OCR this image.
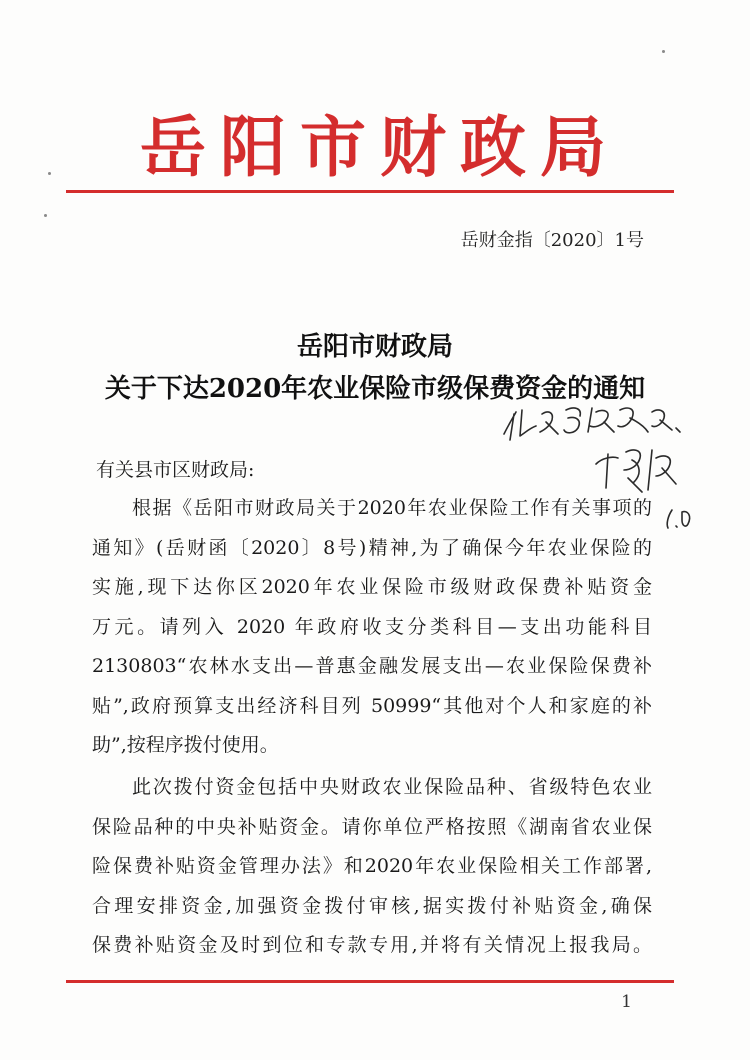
岳阳市财政局
岳财金指〔2020〕1号
岳阳市财政局
关于下达2020年农业保险市级保费资金的通知
有关县市区财政局:
根据《岳阳市财政局关于2020年农业保险工作有关事项的
通知》(岳财函〔2020〕8号)精神,为了确保今年农业保险的
实施,现下达你区2020年农业保险市级财政保费补贴资金
万元。请列入 2020 年政府收支分类科目—支出功能科目
2130803“农林水支出—普惠金融发展支出—农业保险保费补
贴”,政府预算支出经济科目列 50999“其他对个人和家庭的补
助”,按程序拨付使用。
此次拨付资金包括中央财政农业保险品种、省级特色农业
保险品种的中央补贴资金。请你单位严格按照《湖南省农业保
险保费补贴资金管理办法》和2020年农业保险相关工作部署,
合理安排资金,加强资金拨付审核,据实拨付补贴资金,确保
保费补贴资金及时到位和专款专用,并将有关情况上报我局。
1
